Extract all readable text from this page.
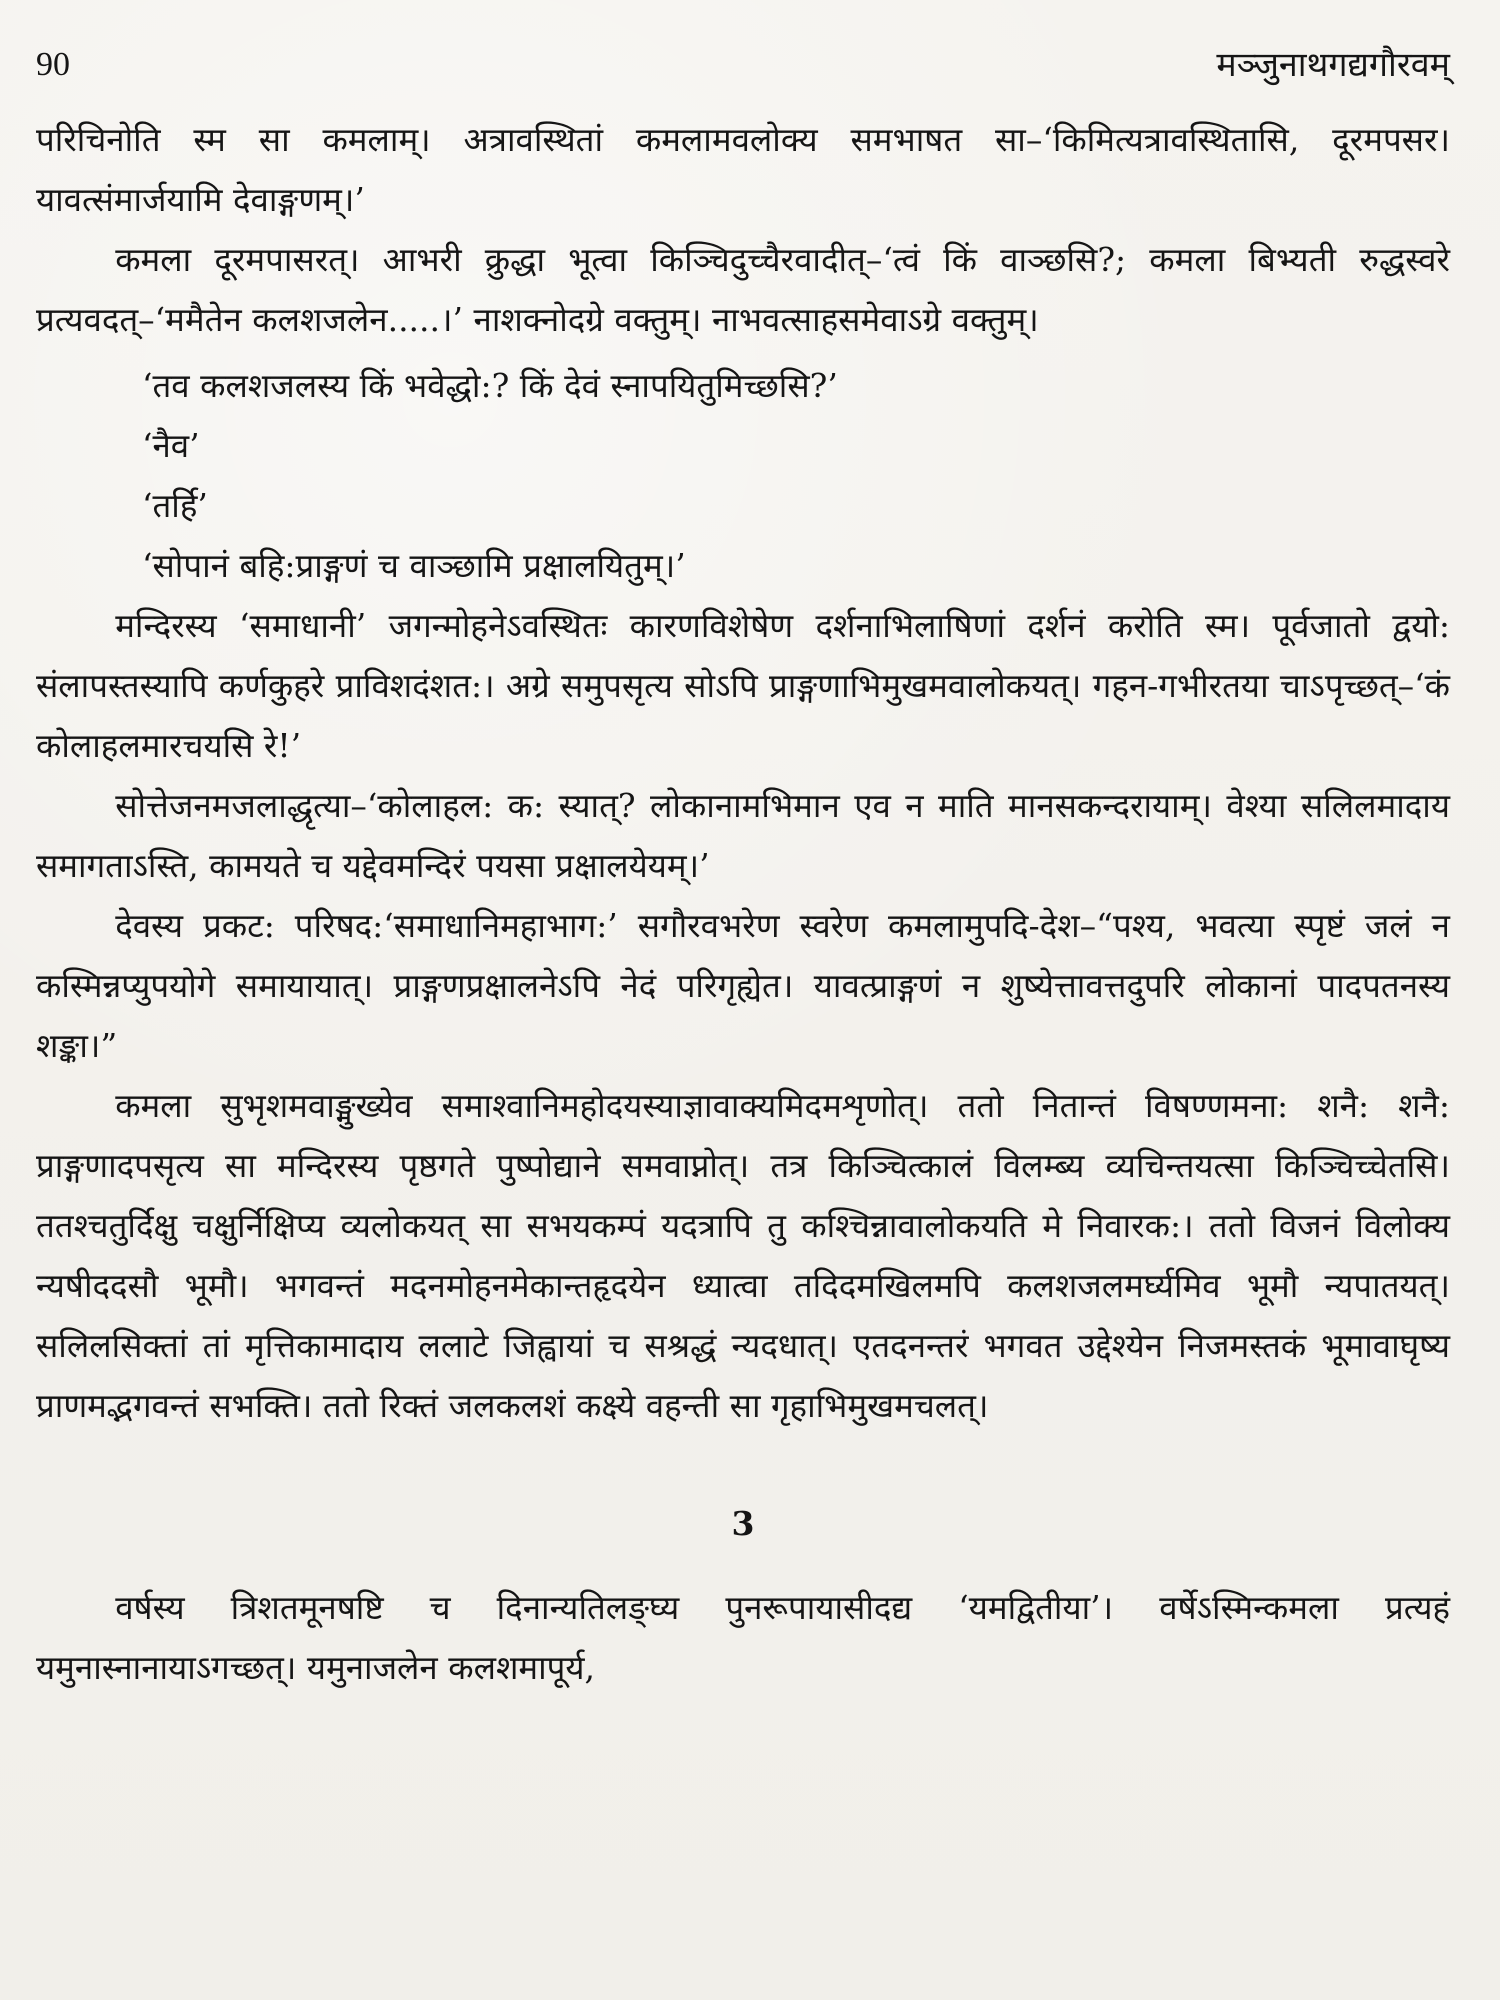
90	मञ्जुनाथगद्यगौरवम्

परिचिनोति स्म सा कमलाम्। अत्रावस्थितां कमलामवलोक्य समभाषत सा–‘किमित्यत्रावस्थितासि, दूरमपसर। यावत्संमार्जयामि देवाङ्गणम्।’

कमला दूरमपासरत्। आभरी क्रुद्धा भूत्वा किञ्चिदुच्चैरवादीत्–‘त्वं किं वाञ्छसि?; कमला बिभ्यती रुद्धस्वरे प्रत्यवदत्–‘ममैतेन कलशजलेन.....।’ नाशक्नोदग्रे वक्तुम्। नाभवत्साहसमेवाऽग्रे वक्तुम्।

‘तव कलशजलस्य किं भवेद्धो:? किं देवं स्नापयितुमिच्छसि?’

‘नैव’

‘तर्हि’

‘सोपानं बहि:प्राङ्गणं च वाञ्छामि प्रक्षालयितुम्।’

मन्दिरस्य ‘समाधानी’ जगन्मोहनेऽवस्थितः कारणविशेषेण दर्शनाभिलाषिणां दर्शनं करोति स्म। पूर्वजातो द्वयो: संलापस्तस्यापि कर्णकुहरे प्राविशदंशत:। अग्रे समुपसृत्य सोऽपि प्राङ्गणाभिमुखमवालोकयत्। गहन-गभीरतया चाऽपृच्छत्–‘कं कोलाहलमारचयसि रे!’

सोत्तेजनमजलाद्धृत्या–‘कोलाहल: क: स्यात्? लोकानामभिमान एव न माति मानसकन्दरायाम्। वेश्या सलिलमादाय समागताऽस्ति, कामयते च यद्देवमन्दिरं पयसा प्रक्षालयेयम्।’

देवस्य प्रकट: परिषद:‘समाधानिमहाभाग:’ सगौरवभरेण स्वरेण कमलामुपदि-देश–“पश्य, भवत्या स्पृष्टं जलं न कस्मिन्नप्युपयोगे समायायात्। प्राङ्गणप्रक्षालनेऽपि नेदं परिगृह्येत। यावत्प्राङ्गणं न शुष्येत्तावत्तदुपरि लोकानां पादपतनस्य शङ्का।”

कमला सुभृशमवाङ्मुख्येव समाश्वानिमहोदयस्याज्ञावाक्यमिदमशृणोत्। ततो नितान्तं विषण्णमना: शनै: शनै: प्राङ्गणादपसृत्य सा मन्दिरस्य पृष्ठगते पुष्पोद्याने समवाप्नोत्। तत्र किञ्चित्कालं विलम्ब्य व्यचिन्तयत्सा किञ्चिच्चेतसि। ततश्चतुर्दिक्षु चक्षुर्निक्षिप्य व्यलोकयत् सा सभयकम्पं यदत्रापि तु कश्चिन्नावालोकयति मे निवारक:। ततो विजनं विलोक्य न्यषीददसौ भूमौ। भगवन्तं मदनमोहनमेकान्तहृदयेन ध्यात्वा तदिदमखिलमपि कलशजलमर्घ्यमिव भूमौ न्यपातयत्। सलिलसिक्तां तां मृत्तिकामादाय ललाटे जिह्वायां च सश्रद्धं न्यदधात्। एतदनन्तरं भगवत उद्देश्येन निजमस्तकं भूमावाघृष्य प्राणमद्भगवन्तं सभक्ति। ततो रिक्तं जलकलशं कक्ष्ये वहन्ती सा गृहाभिमुखमचलत्।

3

वर्षस्य त्रिशतमूनषष्टि च दिनान्यतिलङ्घ्य पुनरूपायासीदद्य ‘यमद्वितीया’। वर्षेऽस्मिन्कमला प्रत्यहं यमुनास्नानायाऽगच्छत्। यमुनाजलेन कलशमापूर्य,
